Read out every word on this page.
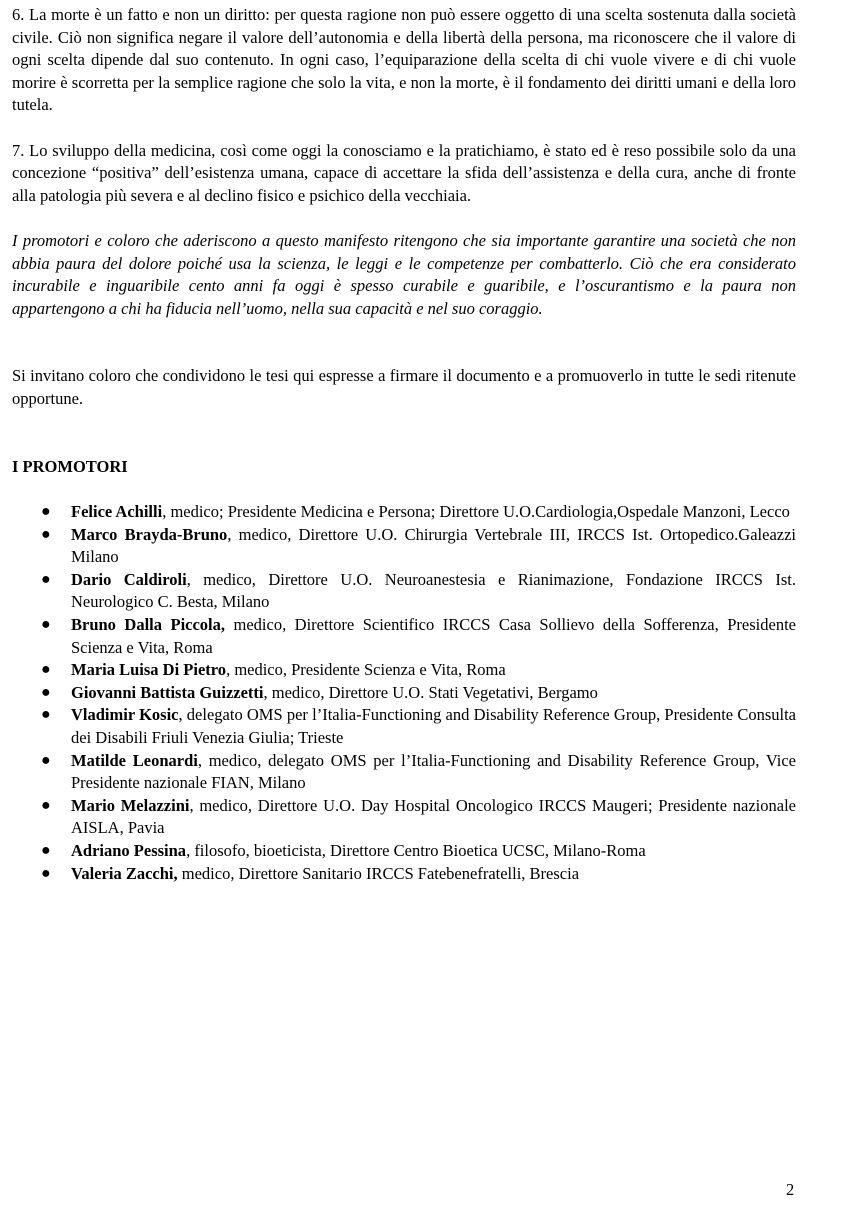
6. La morte è un fatto e non un diritto: per questa ragione non può essere oggetto di una scelta sostenuta dalla società civile. Ciò non significa negare il valore dell’autonomia e della libertà della persona, ma riconoscere che il valore di ogni scelta dipende dal suo contenuto. In ogni caso, l’equiparazione della scelta di chi vuole vivere e di chi vuole morire è scorretta per la semplice ragione che solo la vita, e non la morte, è il fondamento dei diritti umani e della loro tutela.

7. Lo sviluppo della medicina, così come oggi la conosciamo e la pratichiamo, è stato ed è reso possibile solo da una concezione “positiva” dell’esistenza umana, capace di accettare la sfida dell’assistenza e della cura, anche di fronte alla patologia più severa e al declino fisico e psichico della vecchiaia.

I promotori e coloro che aderiscono a questo manifesto ritengono che sia importante garantire una società che non abbia paura del dolore poiché usa la scienza, le leggi e le competenze per combatterlo. Ciò che era considerato incurabile e inguaribile cento anni fa oggi è spesso curabile e guaribile, e l’oscurantismo e la paura non appartengono a chi ha fiducia nell’uomo, nella sua capacità e nel suo coraggio.

Si invitano coloro che condividono le tesi qui espresse a firmare il documento e a promuoverlo in tutte le sedi ritenute opportune.

I PROMOTORI
● Felice Achilli, medico; Presidente Medicina e Persona; Direttore U.O.Cardiologia,Ospedale Manzoni, Lecco
● Marco Brayda-Bruno, medico, Direttore U.O. Chirurgia Vertebrale III, IRCCS Ist. Ortopedico.Galeazzi Milano
● Dario Caldiroli, medico, Direttore U.O. Neuroanestesia e Rianimazione, Fondazione IRCCS Ist. Neurologico C. Besta, Milano
● Bruno Dalla Piccola, medico, Direttore Scientifico IRCCS Casa Sollievo della Sofferenza, Presidente Scienza e Vita, Roma
● Maria Luisa Di Pietro, medico, Presidente Scienza e Vita, Roma
● Giovanni Battista Guizzetti, medico, Direttore U.O. Stati Vegetativi, Bergamo
● Vladimir Kosic, delegato OMS per l’Italia-Functioning and Disability Reference Group, Presidente Consulta dei Disabili Friuli Venezia Giulia; Trieste
● Matilde Leonardi, medico, delegato OMS per l’Italia-Functioning and Disability Reference Group, Vice Presidente nazionale FIAN, Milano
● Mario Melazzini, medico, Direttore U.O. Day Hospital Oncologico IRCCS Maugeri; Presidente nazionale AISLA, Pavia
● Adriano Pessina, filosofo, bioeticista, Direttore Centro Bioetica UCSC, Milano-Roma
● Valeria Zacchi, medico, Direttore Sanitario IRCCS Fatebenefratelli, Brescia
2
